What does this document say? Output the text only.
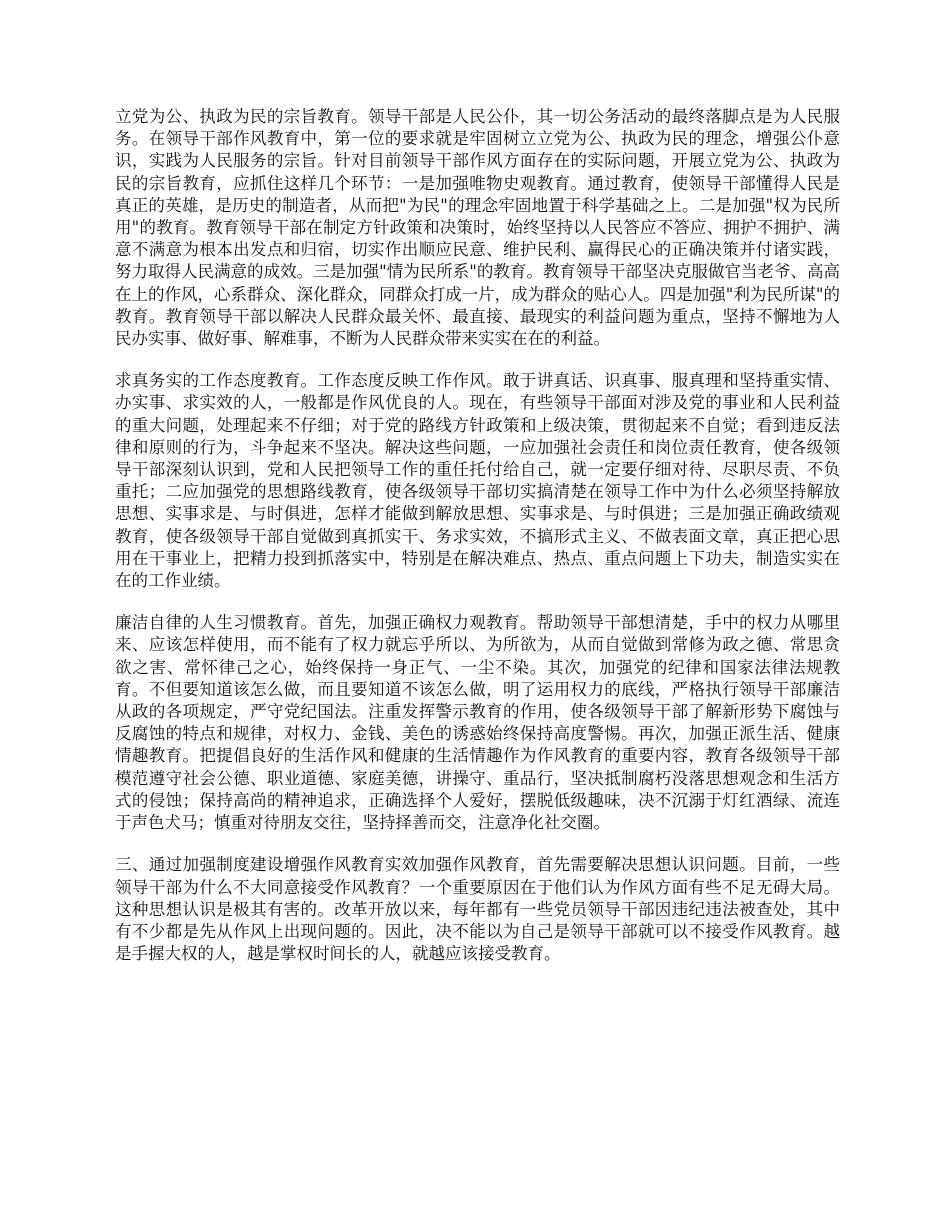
立党为公、执政为民的宗旨教育。领导干部是人民公仆，其一切公务活动的最终落脚点是为人民服务。在领导干部作风教育中，第一位的要求就是牢固树立立党为公、执政为民的理念，增强公仆意识，实践为人民服务的宗旨。针对目前领导干部作风方面存在的实际问题，开展立党为公、执政为民的宗旨教育，应抓住这样几个环节：一是加强唯物史观教育。通过教育，使领导干部懂得人民是真正的英雄，是历史的制造者，从而把"为民"的理念牢固地置于科学基础之上。二是加强"权为民所用"的教育。教育领导干部在制定方针政策和决策时，始终坚持以人民答应不答应、拥护不拥护、满意不满意为根本出发点和归宿，切实作出顺应民意、维护民利、赢得民心的正确决策并付诸实践，努力取得人民满意的成效。三是加强"情为民所系"的教育。教育领导干部坚决克服做官当老爷、高高在上的作风，心系群众、深化群众，同群众打成一片，成为群众的贴心人。四是加强"利为民所谋"的教育。教育领导干部以解决人民群众最关怀、最直接、最现实的利益问题为重点，坚持不懈地为人民办实事、做好事、解难事，不断为人民群众带来实实在在的利益。

求真务实的工作态度教育。工作态度反映工作作风。敢于讲真话、识真事、服真理和坚持重实情、办实事、求实效的人，一般都是作风优良的人。现在，有些领导干部面对涉及党的事业和人民利益的重大问题，处理起来不仔细；对于党的路线方针政策和上级决策，贯彻起来不自觉；看到违反法律和原则的行为，斗争起来不坚决。解决这些问题，一应加强社会责任和岗位责任教育，使各级领导干部深刻认识到，党和人民把领导工作的重任托付给自己，就一定要仔细对待、尽职尽责、不负重托；二应加强党的思想路线教育，使各级领导干部切实搞清楚在领导工作中为什么必须坚持解放思想、实事求是、与时俱进，怎样才能做到解放思想、实事求是、与时俱进；三是加强正确政绩观教育，使各级领导干部自觉做到真抓实干、务求实效，不搞形式主义、不做表面文章，真正把心思用在干事业上，把精力投到抓落实中，特别是在解决难点、热点、重点问题上下功夫，制造实实在在的工作业绩。

廉洁自律的人生习惯教育。首先，加强正确权力观教育。帮助领导干部想清楚，手中的权力从哪里来、应该怎样使用，而不能有了权力就忘乎所以、为所欲为，从而自觉做到常修为政之德、常思贪欲之害、常怀律己之心，始终保持一身正气、一尘不染。其次，加强党的纪律和国家法律法规教育。不但要知道该怎么做，而且要知道不该怎么做，明了运用权力的底线，严格执行领导干部廉洁从政的各项规定，严守党纪国法。注重发挥警示教育的作用，使各级领导干部了解新形势下腐蚀与反腐蚀的特点和规律，对权力、金钱、美色的诱惑始终保持高度警惕。再次，加强正派生活、健康情趣教育。把提倡良好的生活作风和健康的生活情趣作为作风教育的重要内容，教育各级领导干部模范遵守社会公德、职业道德、家庭美德，讲操守、重品行，坚决抵制腐朽没落思想观念和生活方式的侵蚀；保持高尚的精神追求，正确选择个人爱好，摆脱低级趣味，决不沉溺于灯红酒绿、流连于声色犬马；慎重对待朋友交往，坚持择善而交，注意净化社交圈。

三、通过加强制度建设增强作风教育实效加强作风教育，首先需要解决思想认识问题。目前，一些领导干部为什么不大同意接受作风教育？一个重要原因在于他们认为作风方面有些不足无碍大局。这种思想认识是极其有害的。改革开放以来，每年都有一些党员领导干部因违纪违法被查处，其中有不少都是先从作风上出现问题的。因此，决不能以为自己是领导干部就可以不接受作风教育。越是手握大权的人，越是掌权时间长的人，就越应该接受教育。
